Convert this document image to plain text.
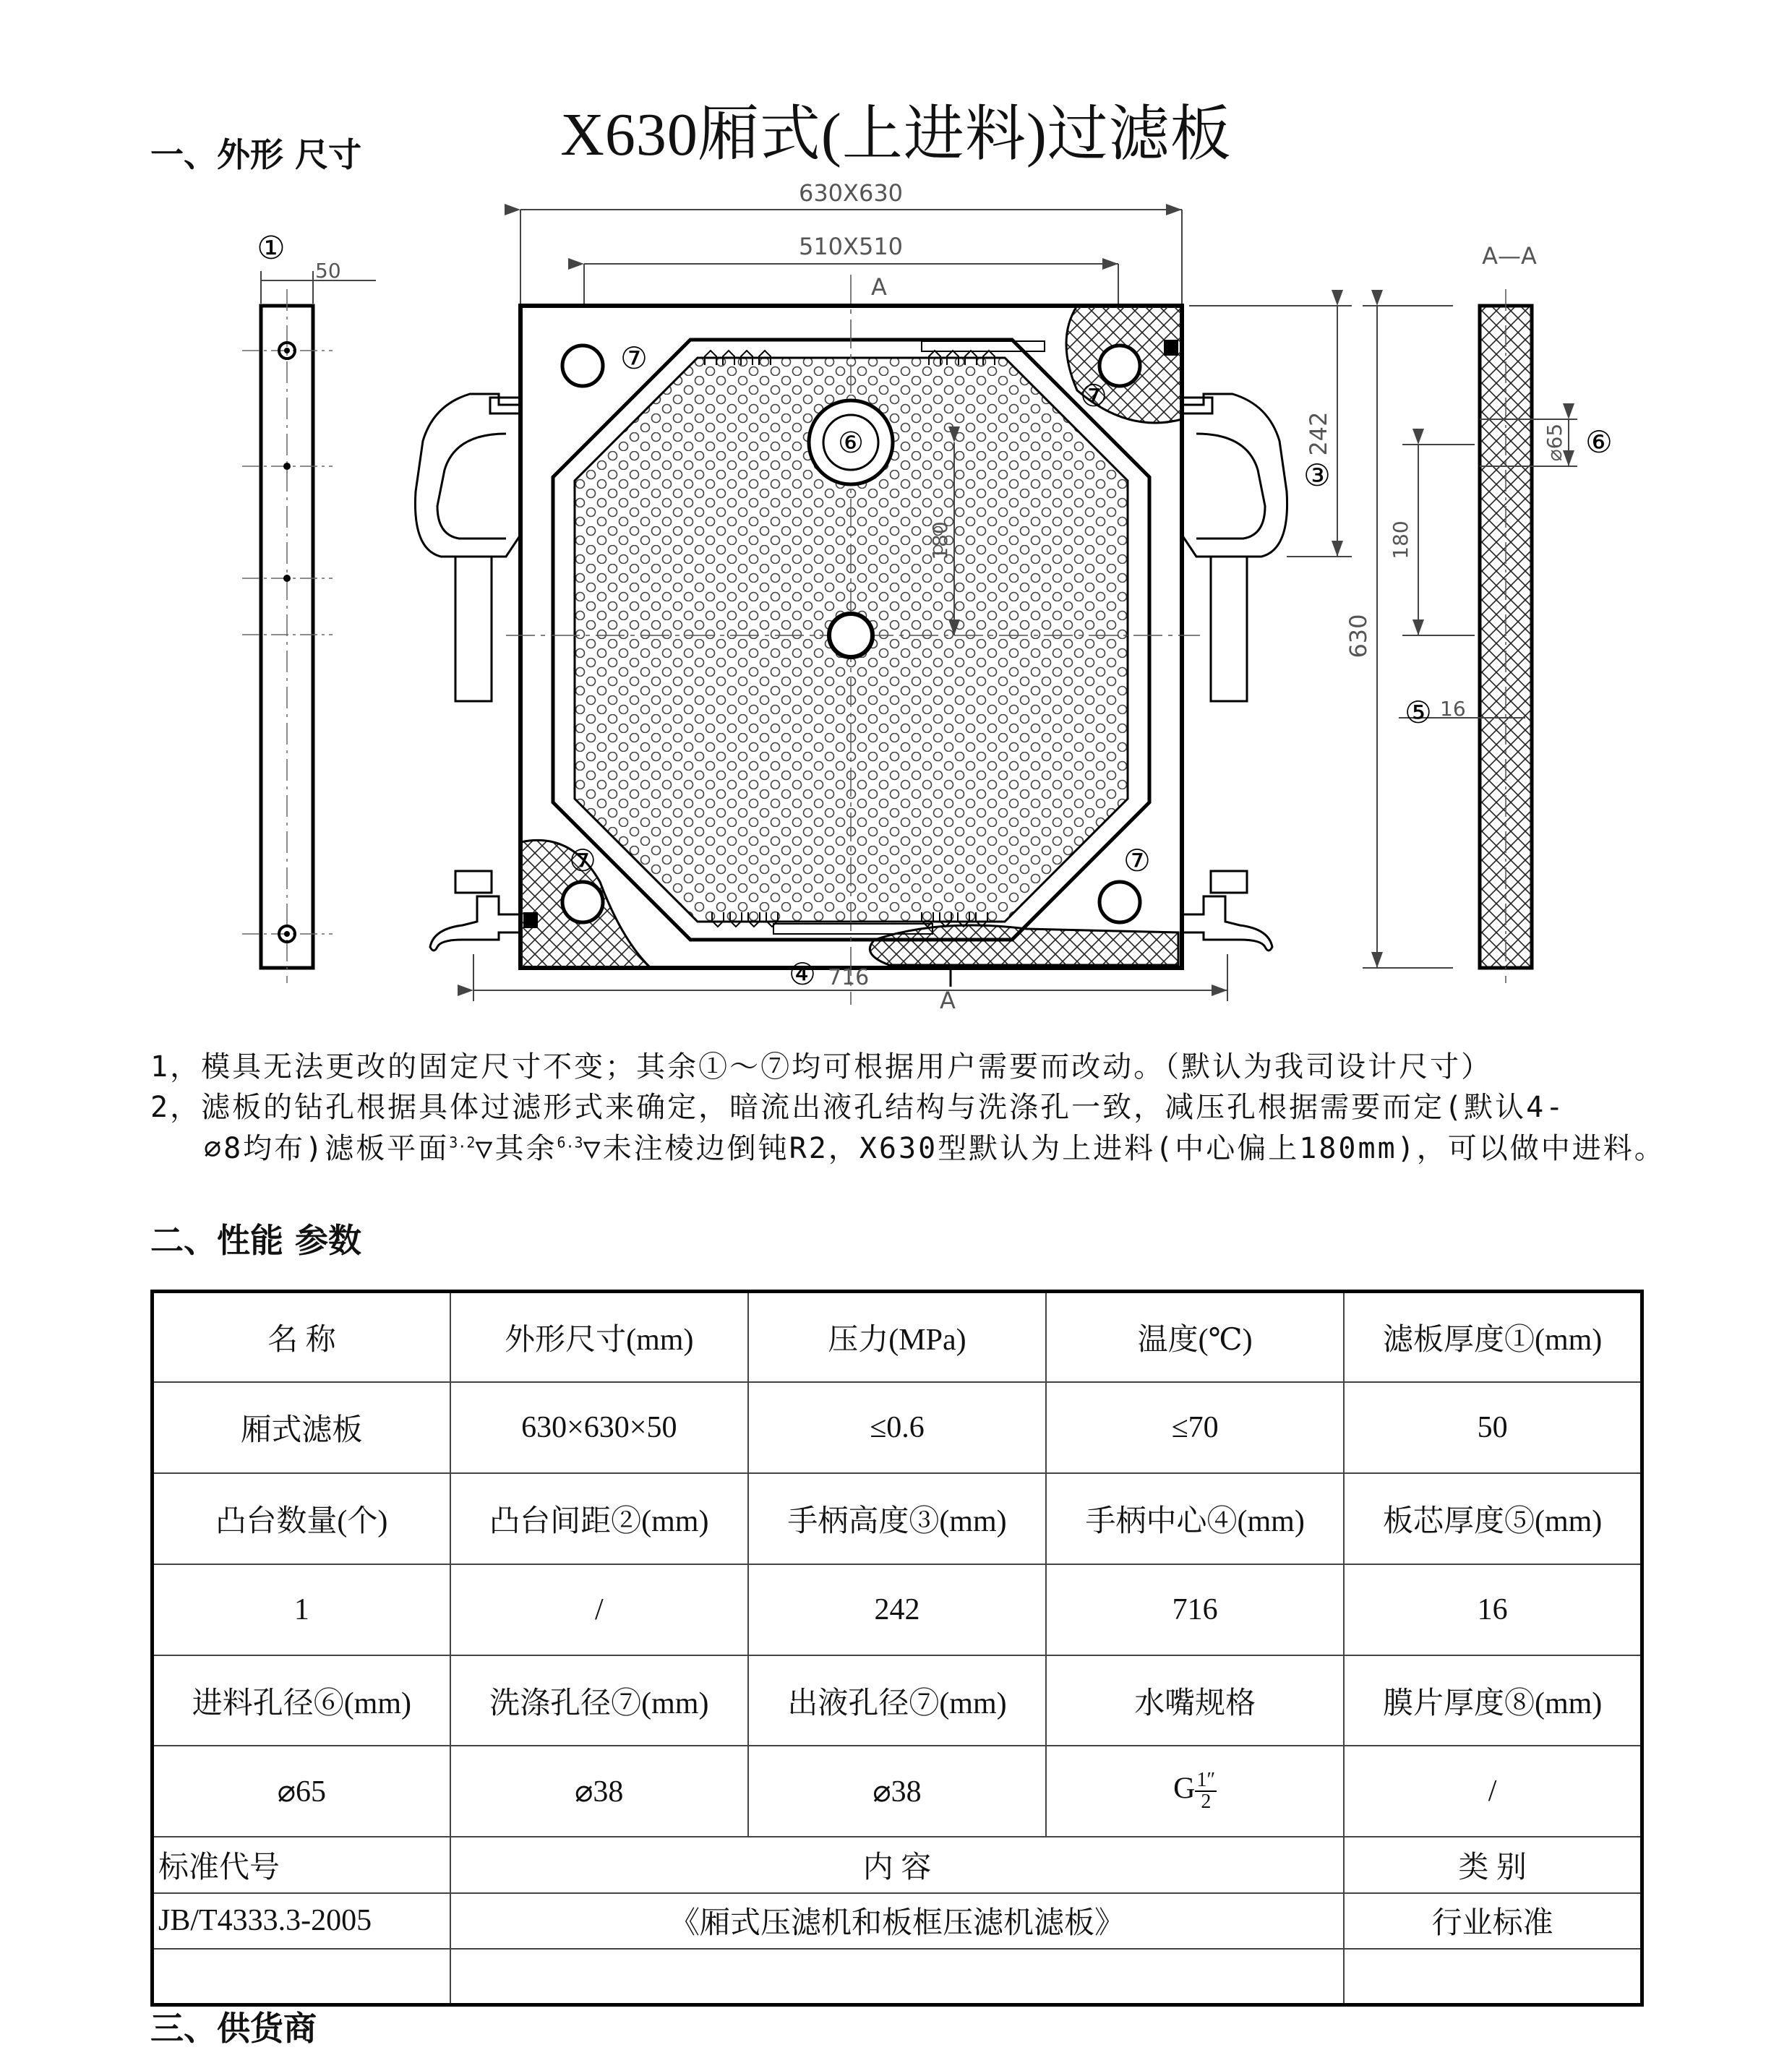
X630厢式(上进料)过滤板
一、外形 尺寸
50
①
630X630
510X510
⑥
180
⑦
⑦
⑦	⑦
④ 716
A
A
242
③
630
A—A
⌀65 ⑥
180
⑤ 16
1，模具无法更改的固定尺寸不变；其余①～⑦均可根据用户需要而改动。（默认为我司设计尺寸）
2，滤板的钻孔根据具体过滤形式来确定，暗流出液孔结构与洗涤孔一致，减压孔根据需要而定(默认4-
⌀8均布)滤板平面$^{3.2}$▽其余$^{6.3}$▽未注棱边倒钝R2，X630型默认为上进料(中心偏上180mm)，可以做中进料。
二、性能 参数
名 称	外形尺寸(mm)	压力(MPa)	温度(℃)	滤板厚度①(mm)
厢式滤板	630×630×50	≤0.6	≤70	50
凸台数量(个)	凸台间距②(mm)	手柄高度③(mm)	手柄中心④(mm)	板芯厚度⑤(mm)
1	/	242	716	16
进料孔径⑥(mm)	洗涤孔径⑦(mm)	出液孔径⑦(mm)	水嘴规格	膜片厚度⑧(mm)
⌀65	⌀38	⌀38	G $\frac{1''}{2}$	/
标准代号	内 容			类 别
JB/T4333.3-2005	《厢式压滤机和板框压滤机滤板》			行业标准

三、供货商
